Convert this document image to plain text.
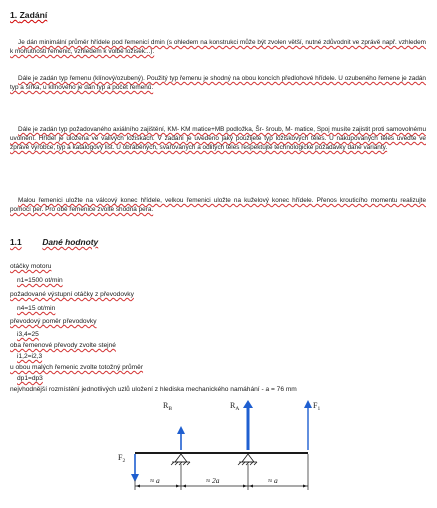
1. Zadání
Je dán minimální průměr hřídele pod řemenicí dmin (s ohledem na konstrukci může být zvolen větší, nutné zdůvodnit ve zprávě např. vzhledem k mohutnosti řemenic, vzhledem k volbě ložisek...).
Dále je zadán typ řemenu (klínový/ozubený). Použitý typ řemenu je shodný na obou koncích předlohové hřídele. U ozubeného řemene je zadán typ a šířka, u klínového je dán typ a počet řemenů.
Dále je zadán typ požadovaného axiálního zajištění, KM- KM matice+MB podložka, Šr- šroub, M- matice, Spoj musíte zajistit proti samovolnému uvolnění. Hřídel je uložena ve valivých ložiskách. V zadání je uvedeno jaký použijete typ ložiskových těles. U nakupovaných těles uveďte ve zprávě výrobce, typ a katalogový list. U obráběných, svařovaných a odlitých těles respektujte technologické požadavky dané varianty.
Malou řemenici uložte na válcový konec hřídele, velkou řemenici uložte na kuželový konec hřídele. Přenos krouticího momentu realizujte pomocí per. Pro obě řemenice zvolte shodná pera.
1.1 Dané hodnoty
otáčky motoru
n1=1500 ot/min
požadované výstupní otáčky z převodovky
n4=15 ot/min
převodový poměr převodovky
i3,4=25
oba řemenové převody zvolte stejné
i1,2=i2,3
u obou malých řemenic zvolte totožný průměr
dp1=dp3
nejvhodnější rozmístění jednotlivých uzlů uložení z hlediska mechanického namáhání - a = 76 mm
$F_2$
$R_B$	$R_A$	$F_1$
≈ a	≈ 2a	≈ a
